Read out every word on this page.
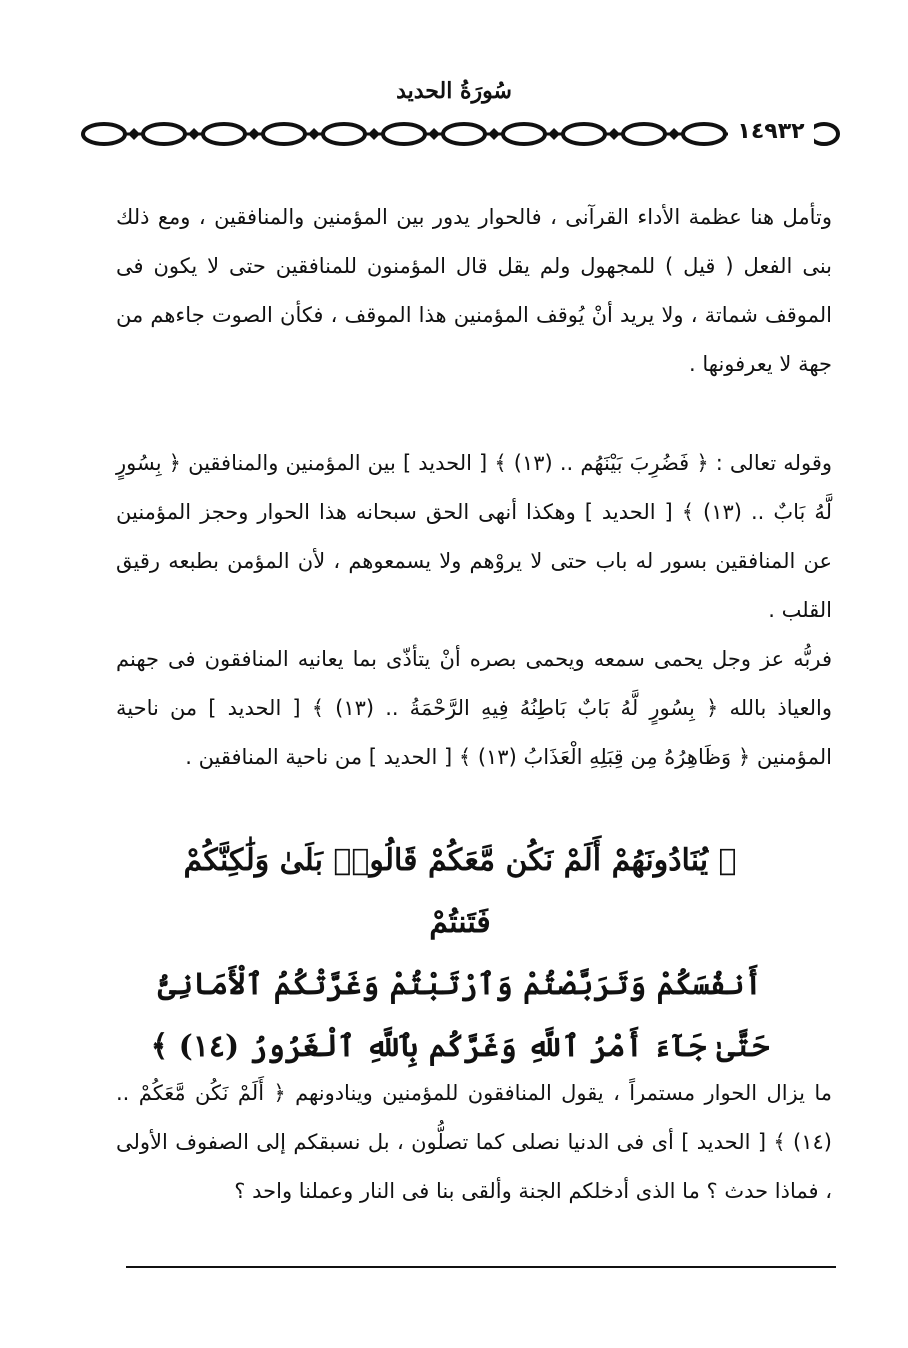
سُورَةُ الحديد
١٤٩٣٢

وتأمل هنا عظمة الأداء القرآنى ، فالحوار يدور بين المؤمنين والمنافقين ، ومع ذلك بنى الفعل ( قيل ) للمجهول ولم يقل قال المؤمنون للمنافقين حتى لا يكون فى الموقف شماتة ، ولا يريد أنْ يُوقف المؤمنين هذا الموقف ، فكأن الصوت جاءهم من جهة لا يعرفونها .

وقوله تعالى : ﴿ فَضُرِبَ بَيْنَهُم .. (١٣) ﴾ [ الحديد ] بين المؤمنين والمنافقين ﴿ بِسُورٍ لَّهُ بَابٌ .. (١٣) ﴾ [ الحديد ] وهكذا أنهى الحق سبحانه هذا الحوار وحجز المؤمنين عن المنافقين بسور له باب حتى لا يروْهم ولا يسمعوهم ، لأن المؤمن بطبعه رقيق القلب .

فربُّه عز وجل يحمى سمعه ويحمى بصره أنْ يتأذّى بما يعانيه المنافقون فى جهنم والعياذ بالله ﴿ بِسُورٍ لَّهُ بَابٌ بَاطِنُهُ فِيهِ الرَّحْمَةُ .. (١٣) ﴾ [ الحديد ] من ناحية المؤمنين ﴿ وَظَاهِرُهُ مِن قِبَلِهِ الْعَذَابُ (١٣) ﴾ [ الحديد ] من ناحية المنافقين .

﴿ يُنَادُونَهُمْ أَلَمْ نَكُن مَّعَكُمْ قَالُوا۟ بَلَىٰ وَلَٰكِنَّكُمْ فَتَنتُمْ
أَنفُسَكُمْ وَتَرَبَّصْتُمْ وَٱرْتَبْتُمْ وَغَرَّتْكُمُ ٱلْأَمَانِىُّ
حَتَّىٰ جَآءَ أَمْرُ ٱللَّهِ وَغَرَّكُم بِٱللَّهِ ٱلْغَرُورُ (١٤) ﴾

ما يزال الحوار مستمراً ، يقول المنافقون للمؤمنين وينادونهم ﴿ أَلَمْ نَكُن مَّعَكُمْ .. (١٤) ﴾ [ الحديد ] أى فى الدنيا نصلى كما تصلُّون ، بل نسبقكم إلى الصفوف الأولى ، فماذا حدث ؟ ما الذى أدخلكم الجنة وألقى بنا فى النار وعملنا واحد ؟
